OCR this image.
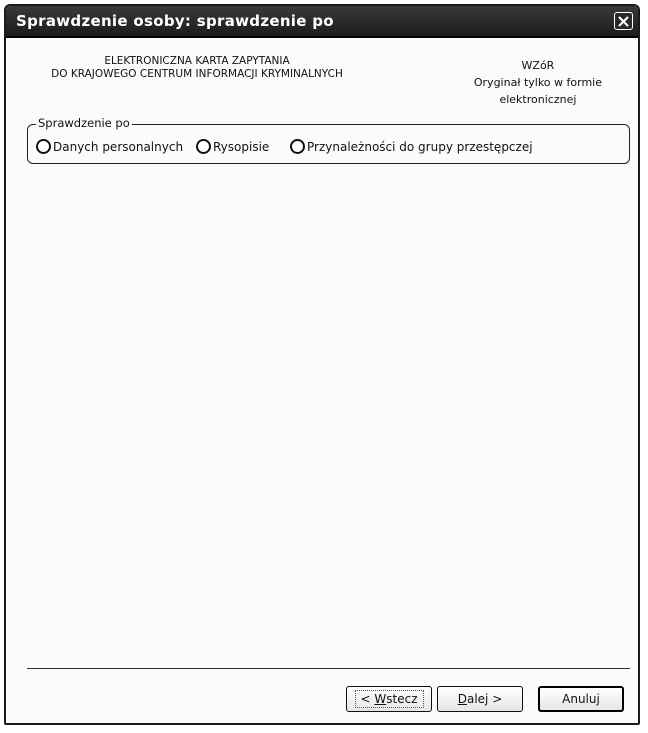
Sprawdzenie osoby: sprawdzenie po
ELEKTRONICZNA KARTA ZAPYTANIA
DO KRAJOWEGO CENTRUM INFORMACJI KRYMINALNYCH
WZóR
Oryginał tylko w formie
elektronicznej
Sprawdzenie po
Danych personalnych Rysopisie	Przynależności do grupy przestępczej
< Wstecz	Dalej >	Anuluj
